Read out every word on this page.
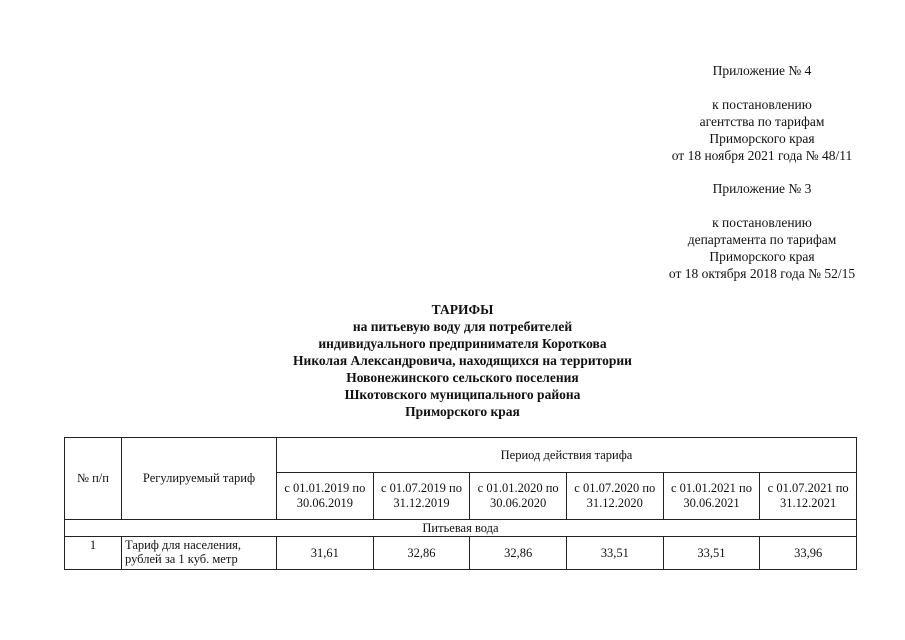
Приложение № 4
к постановлению
агентства по тарифам
Приморского края
от 18 ноября 2021 года № 48/11
Приложение № 3
к постановлению
департамента по тарифам
Приморского края
от 18 октября 2018 года № 52/15
ТАРИФЫ
на питьевую воду для потребителей
индивидуального предпринимателя Короткова
Николая Александровича, находящихся на территории
Новонежинского сельского поселения
Шкотовского муниципального района
Приморского края
№ п/п	Регулируемый тариф	Период действия тарифа					
		с 01.01.2019 по 30.06.2019	с 01.07.2019 по 31.12.2019	с 01.01.2020 по 30.06.2020	с 01.07.2020 по 31.12.2020	с 01.01.2021 по 30.06.2021	с 01.07.2021 по 31.12.2021
Питьевая вода							
1	Тариф для населения, рублей за 1 куб. метр	31,61	32,86	32,86	33,51	33,51	33,96
